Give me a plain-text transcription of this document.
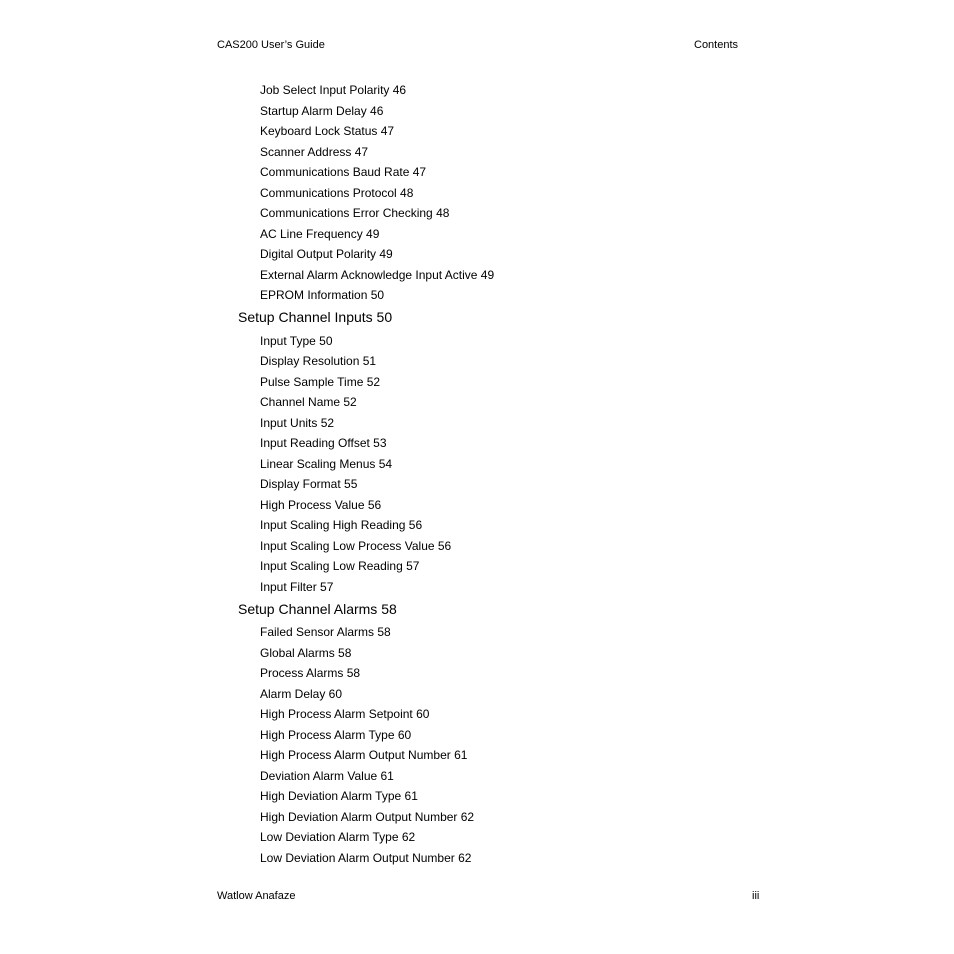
CAS200 User’s Guide	Contents
Job Select Input Polarity 46
Startup Alarm Delay 46
Keyboard Lock Status 47
Scanner Address 47
Communications Baud Rate 47
Communications Protocol 48
Communications Error Checking 48
AC Line Frequency 49
Digital Output Polarity 49
External Alarm Acknowledge Input Active 49
EPROM Information 50
Setup Channel Inputs 50
Input Type 50
Display Resolution 51
Pulse Sample Time 52
Channel Name 52
Input Units 52
Input Reading Offset 53
Linear Scaling Menus 54
Display Format 55
High Process Value 56
Input Scaling High Reading 56
Input Scaling Low Process Value 56
Input Scaling Low Reading 57
Input Filter 57
Setup Channel Alarms 58
Failed Sensor Alarms 58
Global Alarms 58
Process Alarms 58
Alarm Delay 60
High Process Alarm Setpoint 60
High Process Alarm Type 60
High Process Alarm Output Number 61
Deviation Alarm Value 61
High Deviation Alarm Type 61
High Deviation Alarm Output Number 62
Low Deviation Alarm Type 62
Low Deviation Alarm Output Number 62
Watlow Anafaze	iii
